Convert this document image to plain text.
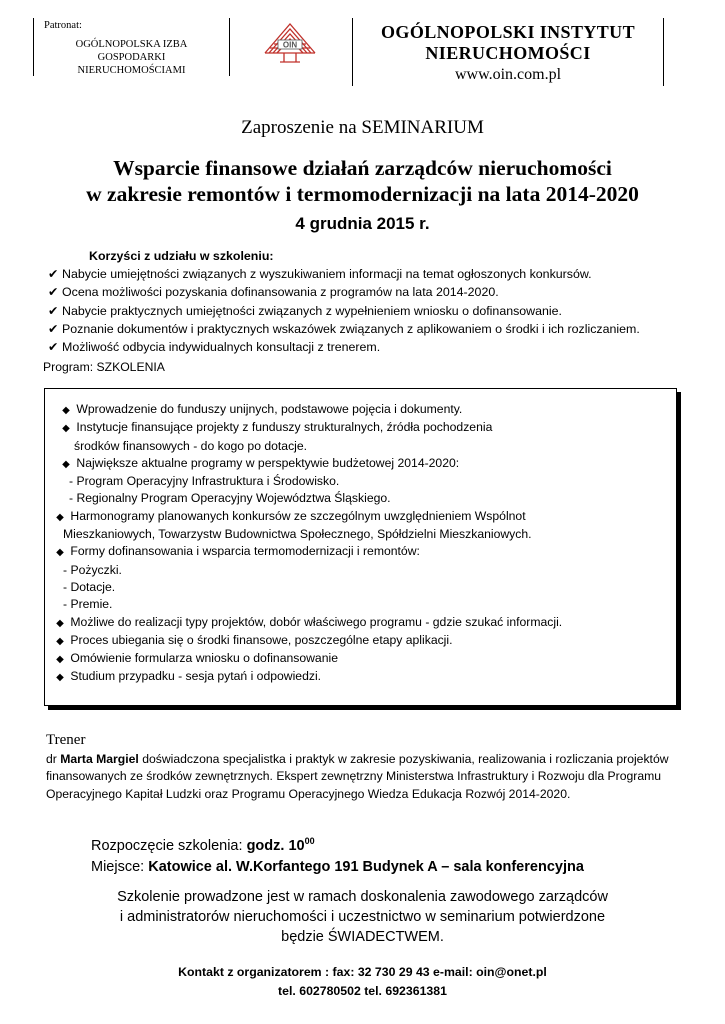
Patronat:
OGÓLNOPOLSKA IZBA
GOSPODARKI
NIERUCHOMOŚCIAMI
OIN
OGÓLNOPOLSKI INSTYTUT
NIERUCHOMOŚCI
www.oin.com.pl
Zaproszenie na SEMINARIUM
Wsparcie finansowe działań zarządców nieruchomości
w zakresie remontów i termomodernizacji na lata 2014-2020
4 grudnia 2015 r.
Korzyści z udziału w szkoleniu:
✔ Nabycie umiejętności związanych z wyszukiwaniem informacji na temat ogłoszonych konkursów.
✔ Ocena możliwości pozyskania dofinansowania z programów na lata 2014-2020.
✔ Nabycie praktycznych umiejętności związanych z wypełnieniem wniosku o dofinansowanie.
✔ Poznanie dokumentów i praktycznych wskazówek związanych z aplikowaniem o środki i ich rozliczaniem.
✔ Możliwość odbycia indywidualnych konsultacji z trenerem.
Program: SZKOLENIA
◆ Wprowadzenie do funduszy unijnych, podstawowe pojęcia i dokumenty.
◆ Instytucje finansujące projekty z funduszy strukturalnych, źródła pochodzenia
środków finansowych - do kogo po dotacje.
◆ Największe aktualne programy w perspektywie budżetowej 2014-2020:
- Program Operacyjny Infrastruktura i Środowisko.
- Regionalny Program Operacyjny Województwa Śląskiego.
◆ Harmonogramy planowanych konkursów ze szczególnym uwzględnieniem Wspólnot
Mieszkaniowych, Towarzystw Budownictwa Społecznego, Spółdzielni Mieszkaniowych.
◆ Formy dofinansowania i wsparcia termomodernizacji i remontów:
- Pożyczki.
- Dotacje.
- Premie.
◆ Możliwe do realizacji typy projektów, dobór właściwego programu - gdzie szukać informacji.
◆ Proces ubiegania się o środki finansowe, poszczególne etapy aplikacji.
◆ Omówienie formularza wniosku o dofinansowanie
◆ Studium przypadku - sesja pytań i odpowiedzi.
Trener
dr Marta Margiel doświadczona specjalistka i praktyk w zakresie pozyskiwania, realizowania i rozliczania projektów finansowanych ze środków zewnętrznych. Ekspert zewnętrzny Ministerstwa Infrastruktury i Rozwoju dla Programu Operacyjnego Kapitał Ludzki oraz Programu Operacyjnego Wiedza Edukacja Rozwój 2014-2020.
Rozpoczęcie szkolenia: godz. $10^{00}$
Miejsce: Katowice al. W.Korfantego 191 Budynek A – sala konferencyjna
Szkolenie prowadzone jest w ramach doskonalenia zawodowego zarządców
i administratorów nieruchomości i uczestnictwo w seminarium potwierdzone
będzie ŚWIADECTWEM.
Kontakt z organizatorem : fax: 32 730 29 43 e-mail: oin@onet.pl
tel. 602780502 tel. 692361381
